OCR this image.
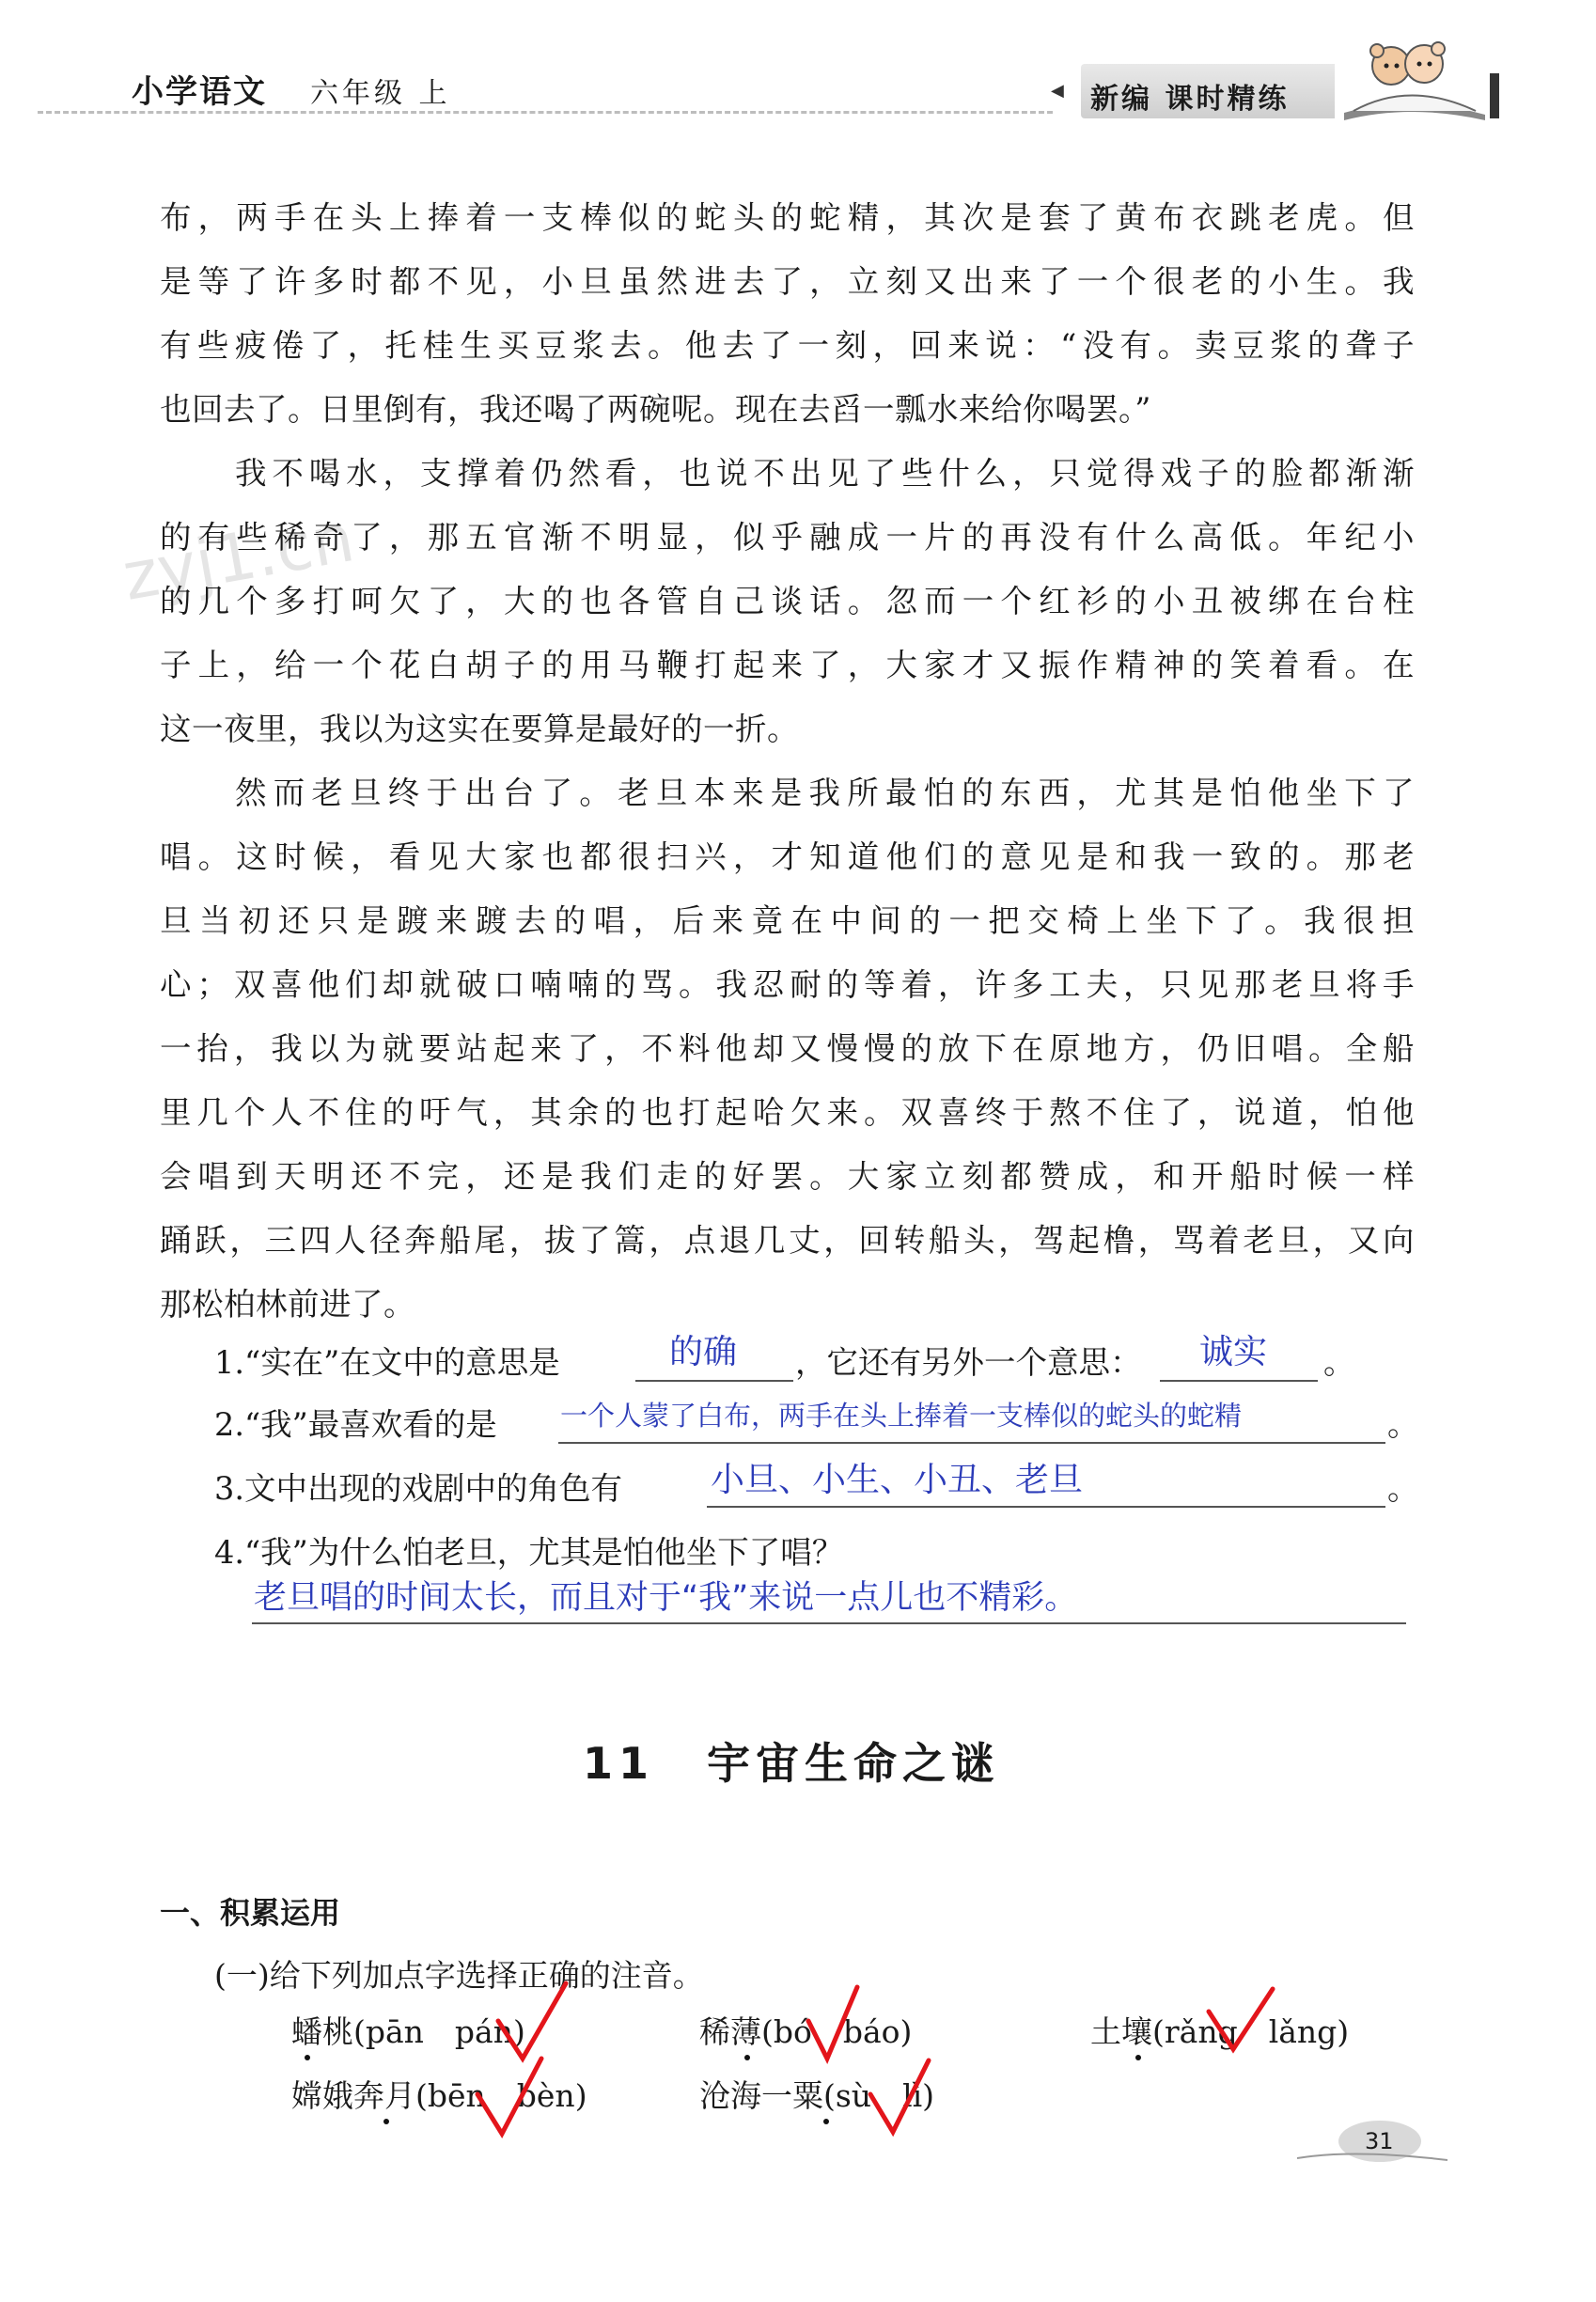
小学语文 六年级 上	◀ 新编 课时精练
zyj1.cn
布，两手在头上捧着一支棒似的蛇头的蛇精，其次是套了黄布衣跳老虎。但
是等了许多时都不见，小旦虽然进去了，立刻又出来了一个很老的小生。我
有些疲倦了，托桂生买豆浆去。他去了一刻，回来说：“没有。卖豆浆的聋子
也回去了。日里倒有，我还喝了两碗呢。现在去舀一瓢水来给你喝罢。”
我不喝水，支撑着仍然看，也说不出见了些什么，只觉得戏子的脸都渐渐
的有些稀奇了，那五官渐不明显，似乎融成一片的再没有什么高低。年纪小
的几个多打呵欠了，大的也各管自己谈话。忽而一个红衫的小丑被绑在台柱
子上，给一个花白胡子的用马鞭打起来了，大家才又振作精神的笑着看。在
这一夜里，我以为这实在要算是最好的一折。
然而老旦终于出台了。老旦本来是我所最怕的东西，尤其是怕他坐下了
唱。这时候，看见大家也都很扫兴，才知道他们的意见是和我一致的。那老
旦当初还只是踱来踱去的唱，后来竟在中间的一把交椅上坐下了。我很担
心；双喜他们却就破口喃喃的骂。我忍耐的等着，许多工夫，只见那老旦将手
一抬，我以为就要站起来了，不料他却又慢慢的放下在原地方，仍旧唱。全船
里几个人不住的吁气，其余的也打起哈欠来。双喜终于熬不住了，说道，怕他
会唱到天明还不完，还是我们走的好罢。大家立刻都赞成，和开船时候一样
踊跃，三四人径奔船尾，拔了篙，点退几丈，回转船头，驾起橹，骂着老旦，又向
那松柏林前进了。
1.“实在”在文中的意思是	的确 ，它还有另外一个意思： 诚实 。
2.“我”最喜欢看的是 一个人蒙了白布，两手在头上捧着一支棒似的蛇头的蛇精	。
3.文中出现的戏剧中的角色有	小旦、小生、小丑、老旦	。
4.“我”为什么怕老旦，尤其是怕他坐下了唱？
老旦唱的时间太长，而且对于“我”来说一点儿也不精彩。
11 宇宙生命之谜
一、积累运用
(一)给下列加点字选择正确的注音。
蟠桃(pān　pán)	稀薄(bó　báo)	土壤(rǎng　lǎng)
嫦娥奔月(bēn　bèn)	沧海一粟(sù　lì)
31
